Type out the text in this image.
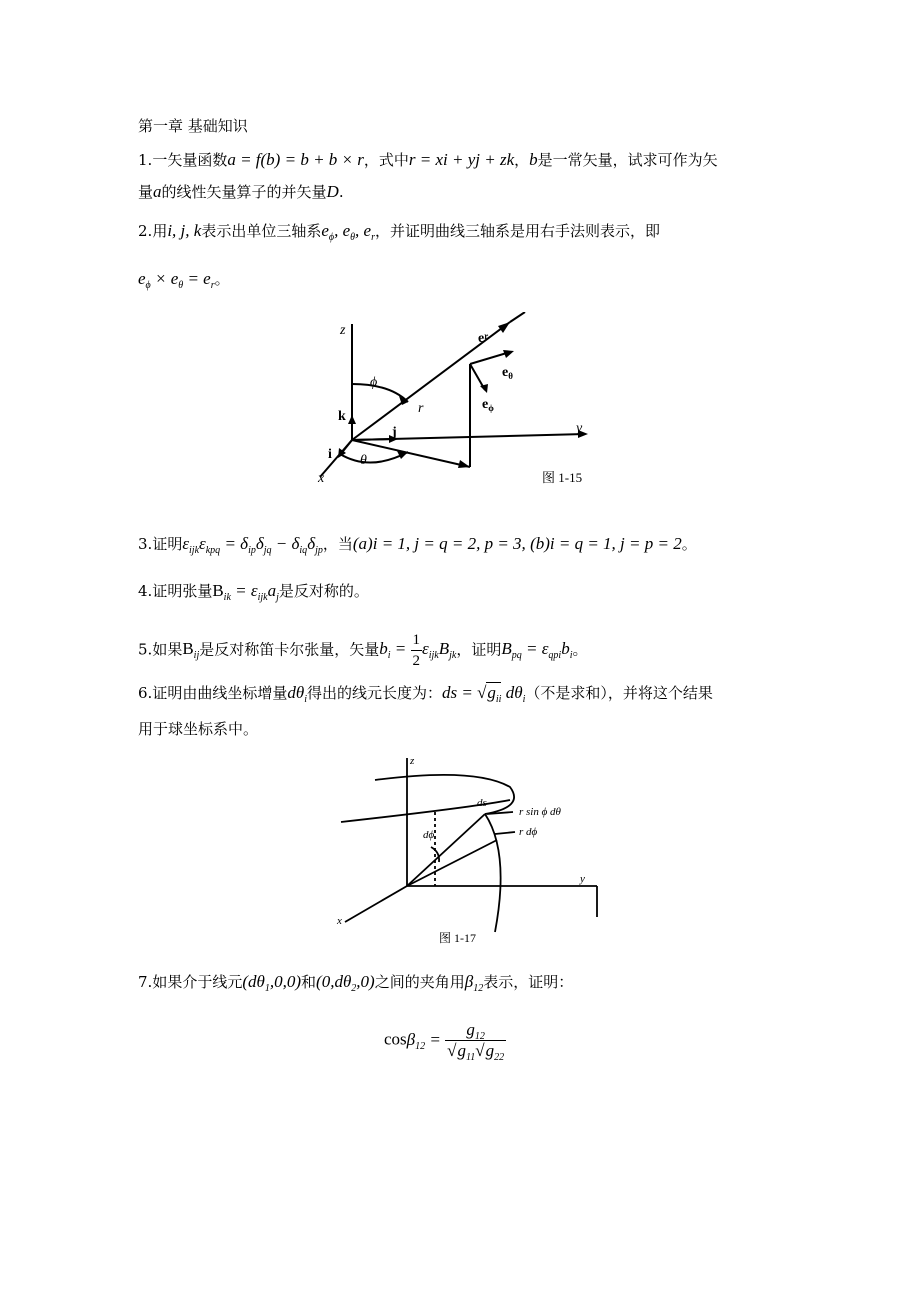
第一章 基础知识
1.一矢量函数a = f(b) = b + b × r，式中r = xi + yj + zk，b是一常矢量，试求可作为矢
量a的线性矢量算子的并矢量D.
2.用i, j, k表示出单位三轴系$e_\phi$, $e_\theta$, $e_r$，并证明曲线三轴系是用右手法则表示，即
$e_\phi \times e_\theta = e_r$。
z
y
x
k
i
j
r
ϕ
θ
$e^r$
$e_\theta$
$e_\phi$
图 1-15
3.证明$\varepsilon_{ijk}\varepsilon_{kpq} = \delta_{ip}\delta_{jq} - \delta_{iq}\delta_{jp}$，当(a)i = 1, j = q = 2, p = 3, (b)i = q = 1, j = p = 2。
4.证明张量$B_{ik} = \varepsilon_{ijk}a_j$是反对称的。
5.如果$B_{ij}$是反对称笛卡尔张量，矢量$b_i = \frac{1}{2} \varepsilon_{ijk}B_{jk}$，证明$B_{pq} = \varepsilon_{qpi}b_i$。
6.证明由曲线坐标增量$d\theta_i$得出的线元长度为：ds = $√g_{ii}$ $d\theta_i$（不是求和），并将这个结果
用于球坐标系中。
z
y
x
ds
dϕ
r sin ϕ dθ
r dϕ
图 1-17
7.如果介于线元$(d\theta_1,0,0)$和$(0,d\theta_2,0)$之间的夹角用$\beta_{12}$表示，证明：
$\cos\beta_{12} = \frac{g_{12}}{√g_{11}√g_{22}}$
